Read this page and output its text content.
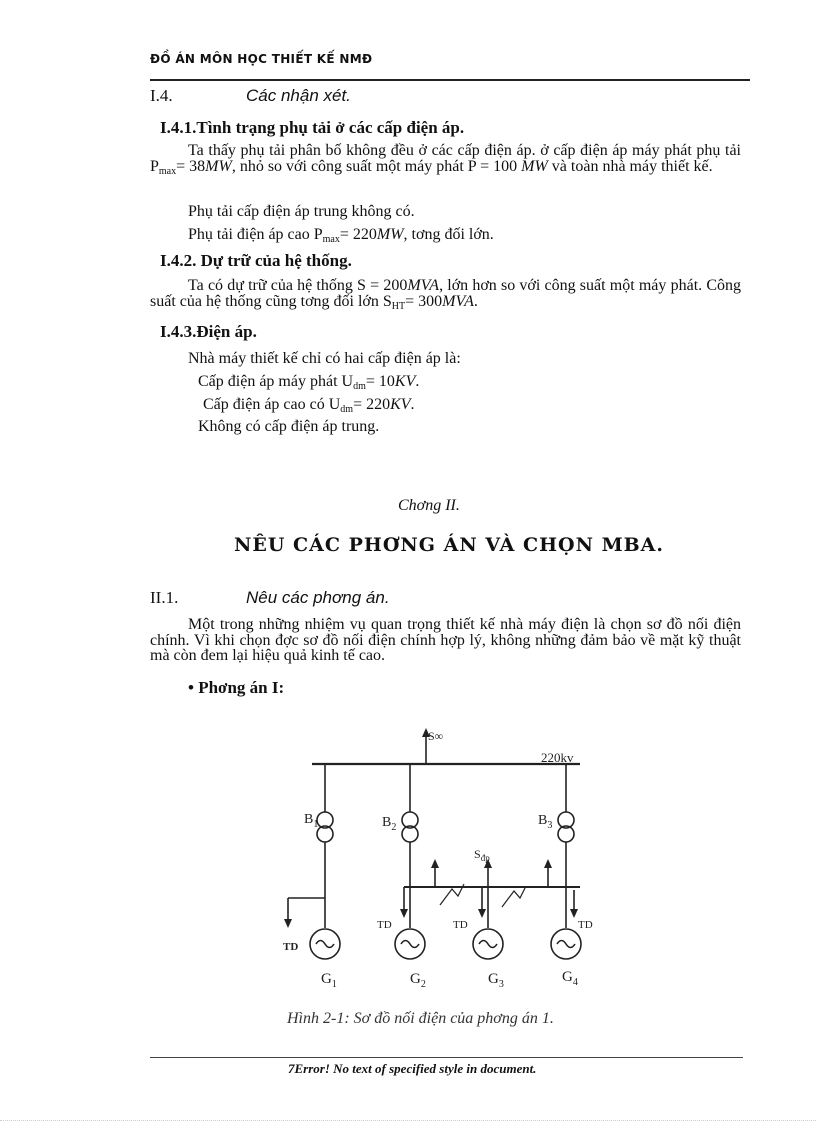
ĐỒ ÁN MÔN HỌC THIẾT KẾ NMĐ
I.4.	Các nhận xét.
I.4.1.Tình trạng phụ tải ở các cấp điện áp.
Ta thấy phụ tải phân bố không đều ở các cấp điện áp. ở cấp điện áp máy phát phụ tải $P_{max}= 38MW$, nhỏ so với công suất một máy phát P = 100 MW và toàn nhà máy thiết kế.
Phụ tải cấp điện áp trung không có.
Phụ tải điện áp cao $P_{max}= 220MW$, tơng đối lớn.
I.4.2. Dự trữ của hệ thống.
Ta có dự trữ của hệ thống S = 200MVA, lớn hơn so với công suất một máy phát. Công suất của hệ thống cũng tơng đối lớn $S_{HT}= 300MVA$.
I.4.3.Điện áp.
Nhà máy thiết kế chỉ có hai cấp điện áp là:
Cấp điện áp máy phát $U_{dm}= 10KV$.
Cấp điện áp cao có $U_{dm}= 220KV$.
Không có cấp điện áp trung.
Chơng II.
NÊU CÁC PHƠNG ÁN VÀ CHỌN MBA.
II.1.	Nêu các phơng án.
Một trong những nhiệm vụ quan trọng thiết kế nhà máy điện là chọn sơ đồ nối điện chính. Vì khi chọn đợc sơ đồ nối điện chính hợp lý, không những đảm bảo về mặt kỹ thuật mà còn đem lại hiệu quả kinh tế cao.
• Phơng án I:
S∞
220kv
$B_1$	$B_2$	$B_3$
$S_{đp}$
TD
TD	TD	TD
$G_1$	$G_2$	$G_3$	$G_4$
Hình 2-1: Sơ đồ nối điện của phơng án 1.
7Error! No text of specified style in document.
